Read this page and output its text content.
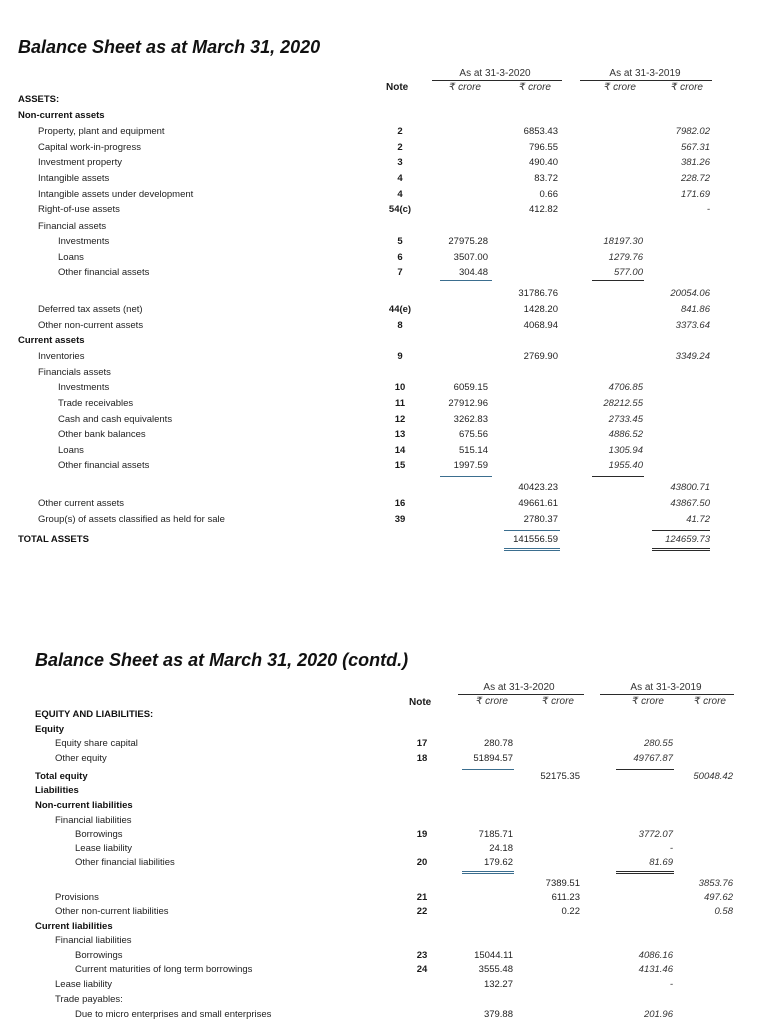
Balance Sheet as at March 31, 2020
Note
As at 31-3-2020
₹ crore	₹ crore
As at 31-3-2019
₹ crore	₹ crore
ASSETS:
Non-current assets
Property, plant and equipment	2	6853.43	7982.02
Capital work-in-progress	2	796.55	567.31
Investment property	3	490.40	381.26
Intangible assets	4	83.72	228.72
Intangible assets under development	4	0.66	171.69
Right-of-use assets	54(c)	412.82	-
Financial assets
Investments	5	27975.28	18197.30
Loans	6	3507.00	1279.76
Other financial assets	7	304.48	577.00
31786.76	20054.06
Deferred tax assets (net)	44(e)	1428.20	841.86
Other non-current assets	8	4068.94	3373.64
Current assets
Inventories	9	2769.90	3349.24
Financials assets
Investments	10	6059.15	4706.85
Trade receivables	11	27912.96	28212.55
Cash and cash equivalents	12	3262.83	2733.45
Other bank balances	13	675.56	4886.52
Loans	14	515.14	1305.94
Other financial assets	15	1997.59	1955.40
40423.23	43800.71
Other current assets	16	49661.61	43867.50
Group(s) of assets classified as held for sale	39	2780.37	41.72
TOTAL ASSETS	141556.59	124659.73
Balance Sheet as at March 31, 2020 (contd.)
Note
As at 31-3-2020
₹ crore	₹ crore
As at 31-3-2019
₹ crore	₹ crore
EQUITY AND LIABILITIES:
Equity
Equity share capital	17	280.78	280.55
Other equity	18	51894.57	49767.87
Total equity	52175.35	50048.42
Liabilities
Non-current liabilities
Financial liabilities
Borrowings	19	7185.71	3772.07
Lease liability	24.18	-
Other financial liabilities	20	179.62	81.69
7389.51	3853.76
Provisions	21	611.23	497.62
Other non-current liabilities	22	0.22	0.58
Current liabilities
Financial liabilities
Borrowings	23	15044.11	4086.16
Current maturities of long term borrowings	24	3555.48	4131.46
Lease liability	132.27	-
Trade payables:
Due to micro enterprises and small enterprises	379.88	201.96
